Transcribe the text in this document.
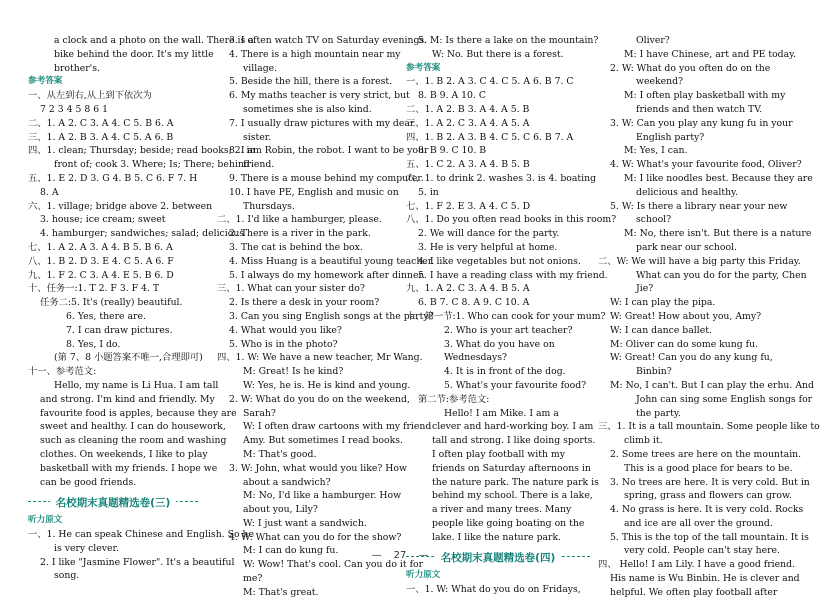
a clock and a photo on the wall. There is a
bike behind the door. It's my little
brother's.
参考答案
一、从左到右,从上到下依次为
7 2 3 4 5 8 6 1
二、1. A 2. C 3. A 4. C 5. B 6. A
三、1. A 2. B 3. A 4. C 5. A 6. B
四、1. clean; Thursday; beside; read books; 2. in
front of; cook 3. Where; Is; There; behind
五、1. E 2. D 3. G 4. B 5. C 6. F 7. H
8. A
六、1. village; bridge above 2. between
3. house; ice cream; sweet
4. hamburger; sandwiches; salad; delicious
七、1. A 2. A 3. A 4. B 5. B 6. A
八、1. B 2. D 3. E 4. C 5. A 6. F
九、1. F 2. C 3. A 4. E 5. B 6. D
十、任务一:1. T 2. F 3. F 4. T
任务二:5. It's (really) beautiful.
6. Yes, there are.
7. I can draw pictures.
8. Yes, I do.
(第 7、8 小题答案不唯一,合理即可)
十一、参考范文:
Hello, my name is Li Hua. I am tall
and strong. I'm kind and friendly. My
favourite food is apples, because they are
sweet and healthy. I can do housework,
such as cleaning the room and washing
clothes. On weekends, I like to play
basketball with my friends. I hope we
can be good friends.
名校期末真题精选卷(三)
听力原文
一、1. He can speak Chinese and English. So he
is very clever.
2. I like "Jasmine Flower". It's a beautiful
song.
3. I often watch TV on Saturday evenings.
4. There is a high mountain near my
village.
5. Beside the hill, there is a forest.
6. My maths teacher is very strict, but
sometimes she is also kind.
7. I usually draw pictures with my dear
sister.
8. I am Robin, the robot. I want to be your
friend.
9. There is a mouse behind my computer.
10. I have PE, English and music on
Thursdays.
二、1. I'd like a hamburger, please.
2. There is a river in the park.
3. The cat is behind the box.
4. Miss Huang is a beautiful young teacher.
5. I always do my homework after dinner.
三、1. What can your sister do?
2. Is there a desk in your room?
3. Can you sing English songs at the party?
4. What would you like?
5. Who is in the photo?
四、1. W: We have a new teacher, Mr Wang.
M: Great! Is he kind?
W: Yes, he is. He is kind and young.
2. W: What do you do on the weekend,
Sarah?
W: I often draw cartoons with my friend
Amy. But sometimes I read books.
M: That's good.
3. W: John, what would you like? How
about a sandwich?
M: No, I'd like a hamburger. How
about you, Lily?
W: I just want a sandwich.
4. W: What can you do for the show?
M: I can do kung fu.
W: Wow! That's cool. Can you do it for
me?
M: That's great.
5. M: Is there a lake on the mountain?
W: No. But there is a forest.
参考答案
一、1. B 2. A 3. C 4. C 5. A 6. B 7. C
8. B 9. A 10. C
二、1. A 2. B 3. A 4. A 5. B
三、1. A 2. C 3. A 4. A 5. A
四、1. B 2. A 3. B 4. C 5. C 6. B 7. A
8. B 9. C 10. B
五、1. C 2. A 3. A 4. B 5. B
六、1. to drink 2. washes 3. is 4. boating
5. in
七、1. F 2. E 3. A 4. C 5. D
八、1. Do you often read books in this room?
2. We will dance for the party.
3. He is very helpful at home.
4. I like vegetables but not onions.
5. I have a reading class with my friend.
九、1. A 2. C 3. A 4. B 5. A
6. B 7. C 8. A 9. C 10. A
十、第一节:1. Who can cook for your mum?
2. Who is your art teacher?
3. What do you have on
Wednesdays?
4. It is in front of the dog.
5. What's your favourite food?
第二节:参考范文:
Hello! I am Mike. I am a
clever and hard-working boy. I am
tall and strong. I like doing sports.
I often play football with my
friends on Saturday afternoons in
the nature park. The nature park is
behind my school. There is a lake,
a river and many trees. Many
people like going boating on the
lake. I like the nature park.
名校期末真题精选卷(四)
听力原文
一、1. W: What do you do on Fridays,
Oliver?
M: I have Chinese, art and PE today.
2. W: What do you often do on the
weekend?
M: I often play basketball with my
friends and then watch TV.
3. W: Can you play any kung fu in your
English party?
M: Yes, I can.
4. W: What's your favourite food, Oliver?
M: I like noodles best. Because they are
delicious and healthy.
5. W: Is there a library near your new
school?
M: No, there isn't. But there is a nature
park near our school.
二、W: We will have a big party this Friday.
What can you do for the party, Chen
Jie?
W: I can play the pipa.
W: Great! How about you, Amy?
W: I can dance ballet.
M: Oliver can do some kung fu.
W: Great! Can you do any kung fu,
Binbin?
M: No, I can't. But I can play the erhu. And
John can sing some English songs for
the party.
三、1. It is a tall mountain. Some people like to
climb it.
2. Some trees are here on the mountain.
This is a good place for bears to be.
3. No trees are here. It is very cold. But in
spring, grass and flowers can grow.
4. No grass is here. It is very cold. Rocks
and ice are all over the ground.
5. This is the top of the tall mountain. It is
very cold. People can't stay here.
四、 Hello! I am Lily. I have a good friend.
His name is Wu Binbin. He is clever and
helpful. We often play football after
— 27 —
